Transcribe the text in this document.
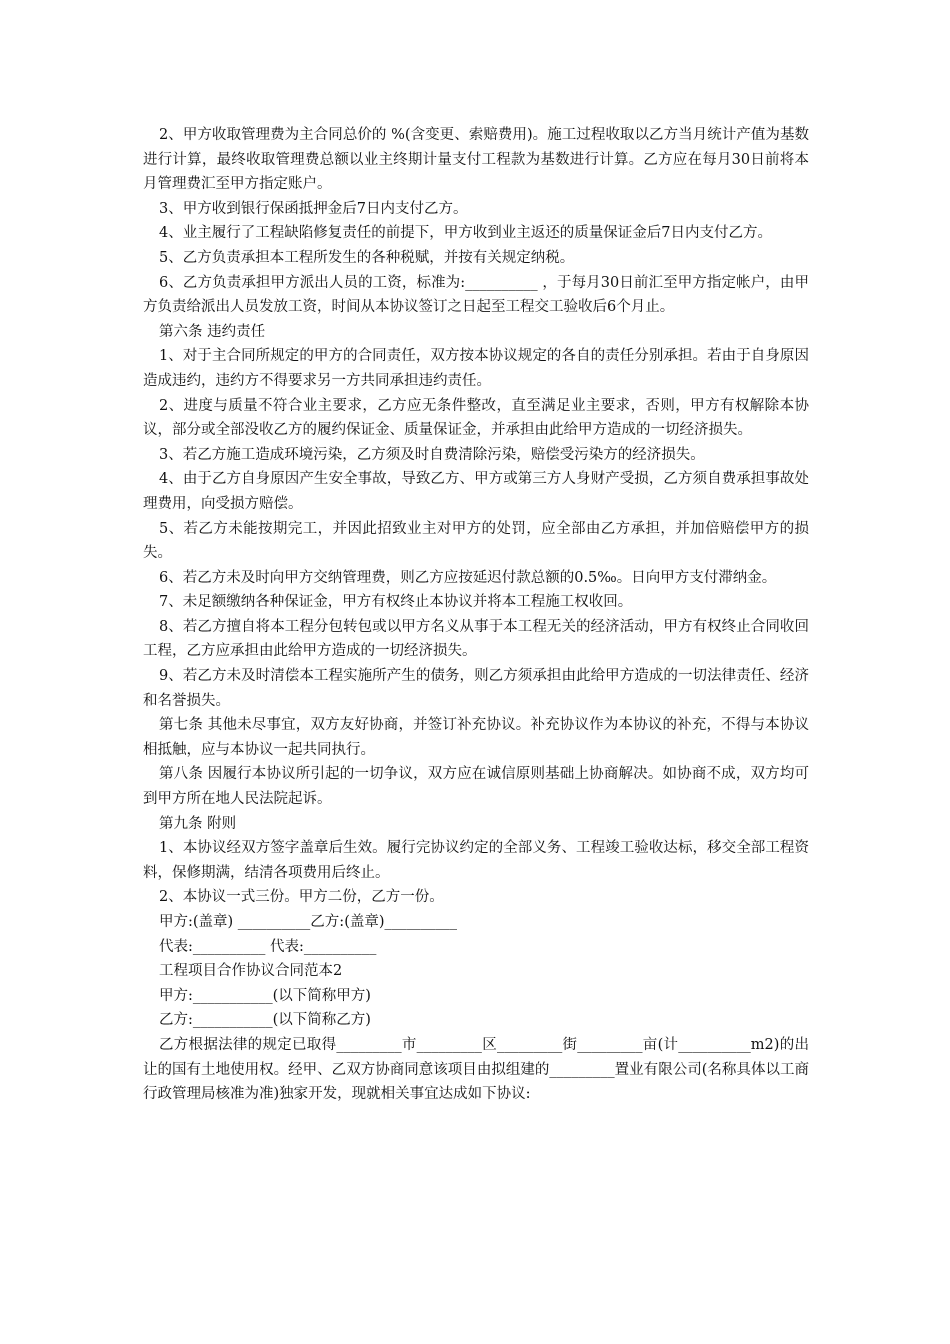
2、甲方收取管理费为主合同总价的 %(含变更、索赔费用)。施工过程收取以乙方当月统计产值为基数进行计算，最终收取管理费总额以业主终期计量支付工程款为基数进行计算。乙方应在每月30日前将本月管理费汇至甲方指定账户。

3、甲方收到银行保函抵押金后7日内支付乙方。

4、业主履行了工程缺陷修复责任的前提下，甲方收到业主返还的质量保证金后7日内支付乙方。

5、乙方负责承担本工程所发生的各种税赋，并按有关规定纳税。

6、乙方负责承担甲方派出人员的工资，标准为:__________ ，于每月30日前汇至甲方指定帐户，由甲方负责给派出人员发放工资，时间从本协议签订之日起至工程交工验收后6个月止。

第六条 违约责任

1、对于主合同所规定的甲方的合同责任，双方按本协议规定的各自的责任分别承担。若由于自身原因造成违约，违约方不得要求另一方共同承担违约责任。

2、进度与质量不符合业主要求，乙方应无条件整改，直至满足业主要求，否则，甲方有权解除本协议，部分或全部没收乙方的履约保证金、质量保证金，并承担由此给甲方造成的一切经济损失。

3、若乙方施工造成环境污染，乙方须及时自费清除污染，赔偿受污染方的经济损失。

4、由于乙方自身原因产生安全事故，导致乙方、甲方或第三方人身财产受损，乙方须自费承担事故处理费用，向受损方赔偿。

5、若乙方未能按期完工，并因此招致业主对甲方的处罚，应全部由乙方承担，并加倍赔偿甲方的损失。

6、若乙方未及时向甲方交纳管理费，则乙方应按延迟付款总额的0.5‰。日向甲方支付滞纳金。

7、未足额缴纳各种保证金，甲方有权终止本协议并将本工程施工权收回。

8、若乙方擅自将本工程分包转包或以甲方名义从事于本工程无关的经济活动，甲方有权终止合同收回工程，乙方应承担由此给甲方造成的一切经济损失。

9、若乙方未及时清偿本工程实施所产生的债务，则乙方须承担由此给甲方造成的一切法律责任、经济和名誉损失。

第七条 其他未尽事宜，双方友好协商，并签订补充协议。补充协议作为本协议的补充，不得与本协议相抵触，应与本协议一起共同执行。

第八条 因履行本协议所引起的一切争议，双方应在诚信原则基础上协商解决。如协商不成，双方均可到甲方所在地人民法院起诉。

第九条 附则

1、本协议经双方签字盖章后生效。履行完协议约定的全部义务、工程竣工验收达标，移交全部工程资料，保修期满，结清各项费用后终止。

2、本协议一式三份。甲方二份，乙方一份。

甲方:(盖章) __________乙方:(盖章)__________

代表:__________ 代表:__________

工程项目合作协议合同范本2

甲方:___________(以下简称甲方)

乙方:___________(以下简称乙方)

乙方根据法律的规定已取得_________市_________区_________街_________亩(计__________m2)的出让的国有土地使用权。经甲、乙双方协商同意该项目由拟组建的_________置业有限公司(名称具体以工商行政管理局核准为准)独家开发，现就相关事宜达成如下协议:
